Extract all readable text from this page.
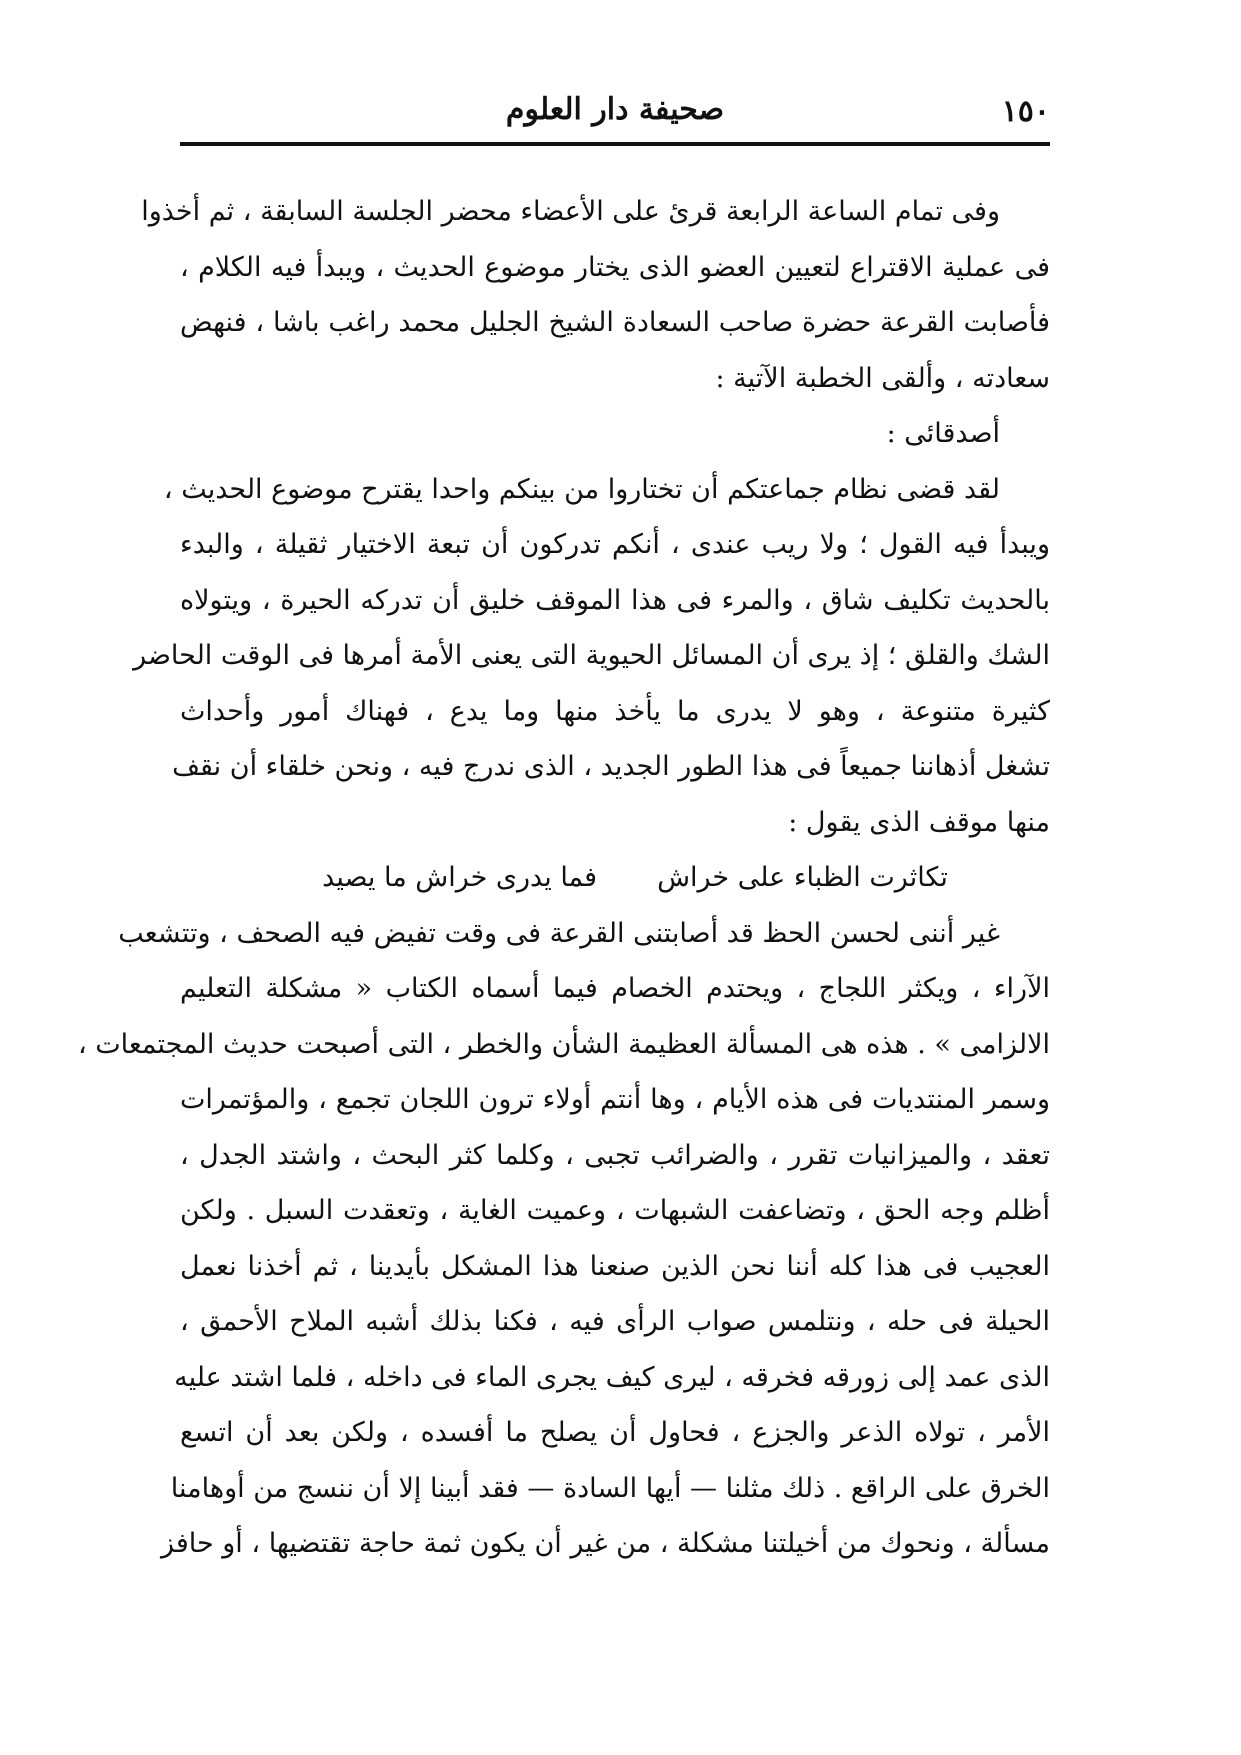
١٥٠
صحيفة دار العلوم
وفى تمام الساعة الرابعة قرئ على الأعضاء محضر الجلسة السابقة ، ثم أخذوا
فى عملية الاقتراع لتعيين العضو الذى يختار موضوع الحديث ، ويبدأ فيه الكلام ،
فأصابت القرعة حضرة صاحب السعادة الشيخ الجليل محمد راغب باشا ، فنهض
سعادته ، وألقى الخطبة الآتية :
أصدقائى :
لقد قضى نظام جماعتكم أن تختاروا من بينكم واحدا يقترح موضوع الحديث ،
ويبدأ فيه القول ؛ ولا ريب عندى ، أنكم تدركون أن تبعة الاختيار ثقيلة ، والبدء
بالحديث تكليف شاق ، والمرء فى هذا الموقف خليق أن تدركه الحيرة ، ويتولاه
الشك والقلق ؛ إذ يرى أن المسائل الحيوية التى يعنى الأمة أمرها فى الوقت الحاضر
كثيرة متنوعة ، وهو لا يدرى ما يأخذ منها وما يدع ، فهناك أمور وأحداث
تشغل أذهاننا جميعاً فى هذا الطور الجديد ، الذى ندرج فيه ، ونحن خلقاء أن نقف
منها موقف الذى يقول :
تكاثرت الظباء على خراش
فما يدرى خراش ما يصيد
غير أننى لحسن الحظ قد أصابتنى القرعة فى وقت تفيض فيه الصحف ، وتتشعب
الآراء ، ويكثر اللجاج ، ويحتدم الخصام فيما أسماه الكتاب « مشكلة التعليم
الالزامى » . هذه هى المسألة العظيمة الشأن والخطر ، التى أصبحت حديث المجتمعات ،
وسمر المنتديات فى هذه الأيام ، وها أنتم أولاء ترون اللجان تجمع ، والمؤتمرات
تعقد ، والميزانيات تقرر ، والضرائب تجبى ، وكلما كثر البحث ، واشتد الجدل ،
أظلم وجه الحق ، وتضاعفت الشبهات ، وعميت الغاية ، وتعقدت السبل . ولكن
العجيب فى هذا كله أننا نحن الذين صنعنا هذا المشكل بأيدينا ، ثم أخذنا نعمل
الحيلة فى حله ، ونتلمس صواب الرأى فيه ، فكنا بذلك أشبه الملاح الأحمق ،
الذى عمد إلى زورقه فخرقه ، ليرى كيف يجرى الماء فى داخله ، فلما اشتد عليه
الأمر ، تولاه الذعر والجزع ، فحاول أن يصلح ما أفسده ، ولكن بعد أن اتسع
الخرق على الراقع . ذلك مثلنا — أيها السادة — فقد أبينا إلا أن ننسج من أوهامنا
مسألة ، ونحوك من أخيلتنا مشكلة ، من غير أن يكون ثمة حاجة تقتضيها ، أو حافز
